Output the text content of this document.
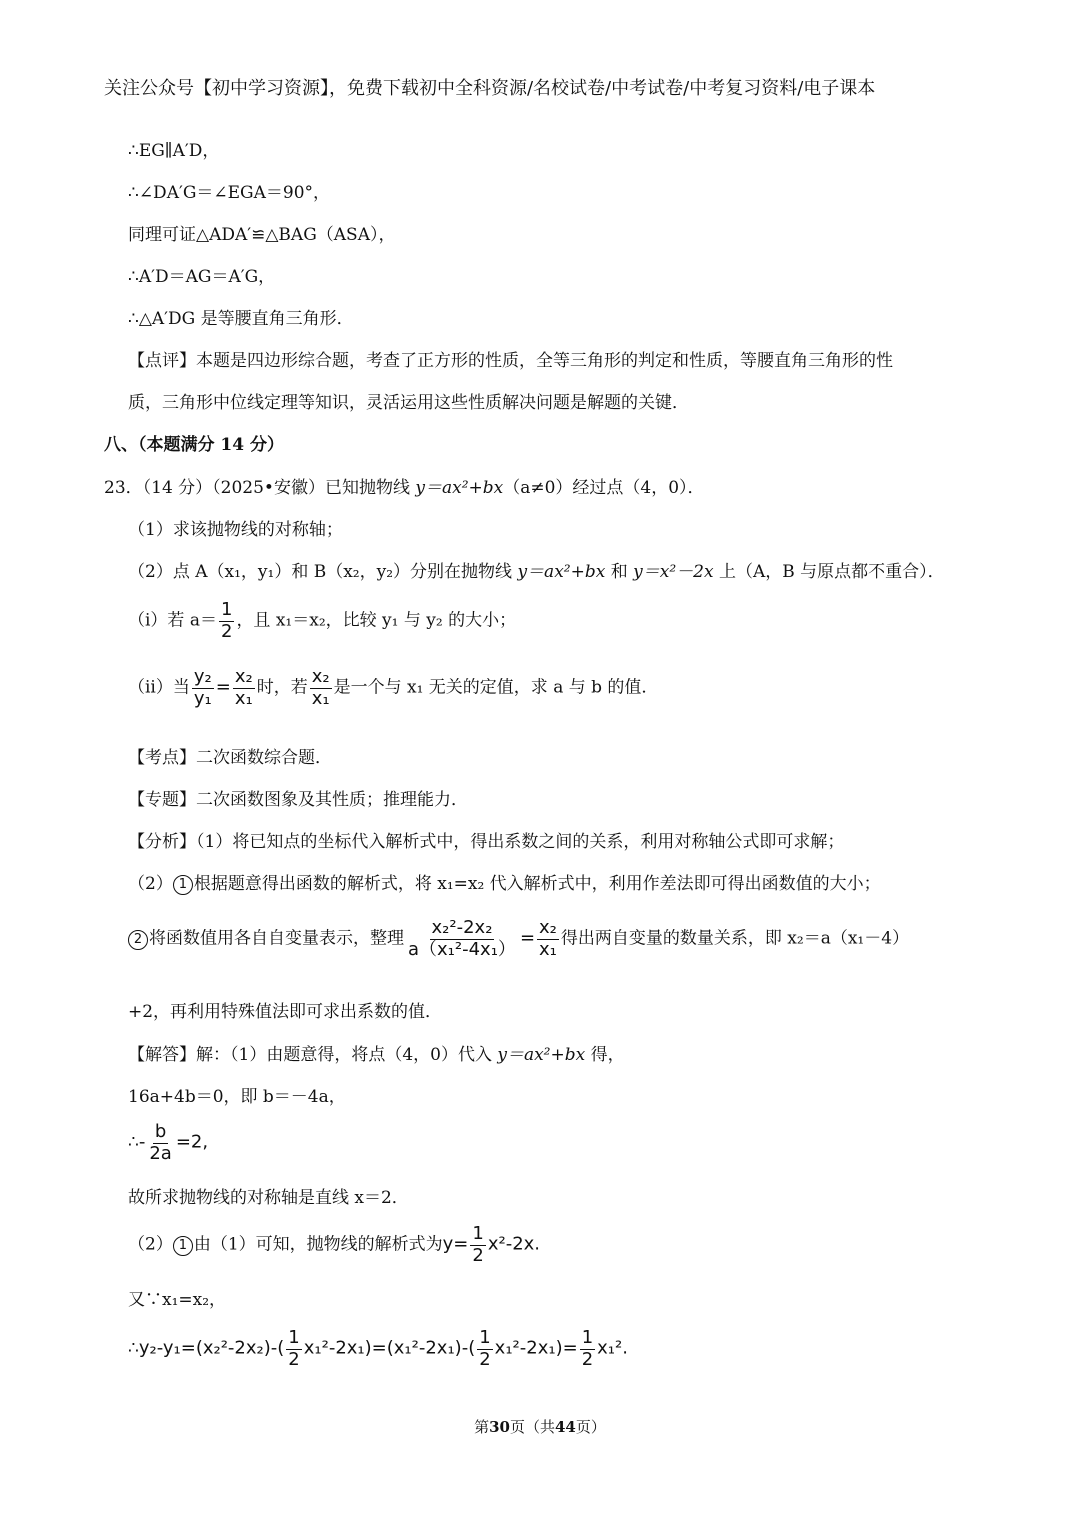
关注公众号【初中学习资源】，免费下载初中全科资源/名校试卷/中考试卷/中考复习资料/电子课本
∴EG∥A′D，
∴∠DA′G＝∠EGA＝90°，
同理可证△ADA′≌△BAG（ASA），
∴A′D＝AG＝A′G，
∴△A′DG 是等腰直角三角形．
【点评】本题是四边形综合题，考查了正方形的性质，全等三角形的判定和性质，等腰直角三角形的性
质，三角形中位线定理等知识，灵活运用这些性质解决问题是解题的关键．
八、（本题满分 14 分）
23．（14 分）（2025•安徽）已知抛物线 y＝ax²+bx（a≠0）经过点（4，0）．
（1）求该抛物线的对称轴；
（2）点 A（x₁，y₁）和 B（x₂，y₂）分别在抛物线 y＝ax²+bx 和 y＝x²－2x 上（A，B 与原点都不重合）．
（i）若 $a= \frac{1}{2}$ ，且 x₁＝x₂，比较 y₁ 与 y₂ 的大小；
（ii）当 $\frac{\text{y₂}}{\text{y₁}} = \frac{\text{x₂}}{\text{x₁}}$ 时，若 $\frac{\text{x₂}}{\text{x₁}}$ 是一个与 x₁ 无关的定值，求 a 与 b 的值．
【考点】二次函数综合题．
【专题】二次函数图象及其性质；推理能力．
【分析】（1）将已知点的坐标代入解析式中，得出系数之间的关系，利用对称轴公式即可求解；
（2） 1 根据题意得出函数的解析式，将 x₁=x₂ 代入解析式中，利用作差法即可得出函数值的大小；
2 将函数值用各自自变量表示，整理 $\frac{\text{x₂²-2x₂}}{\text{a（x₁²-4x₁）}} = \frac{\text{x₂}}{\text{x₁}}$ 得出两自变量的数量关系，即 x₂＝a（x₁－4）
+2，再利用特殊值法即可求出系数的值．
【解答】解：（1）由题意得，将点（4，0）代入 y＝ax²+bx 得，
16a+4b＝0，即 b＝－4a，
∴- $\frac{b}{2a} =2$,
故所求抛物线的对称轴是直线 x＝2．
（2） 1 由（1）可知，抛物线的解析式为$y= \frac{1}{2} x^2-2x$.
又∵x₁=x₂，
∴y₂-y₁=(x₂²-2x₂)-( $\frac{1}{2} x_1^2-2x_1)=(x_1^2-2x_1)-( \frac{1}{2} x_1^2-2x_1)= \frac{1}{2} x_1^2$.
第30页（共44页）
